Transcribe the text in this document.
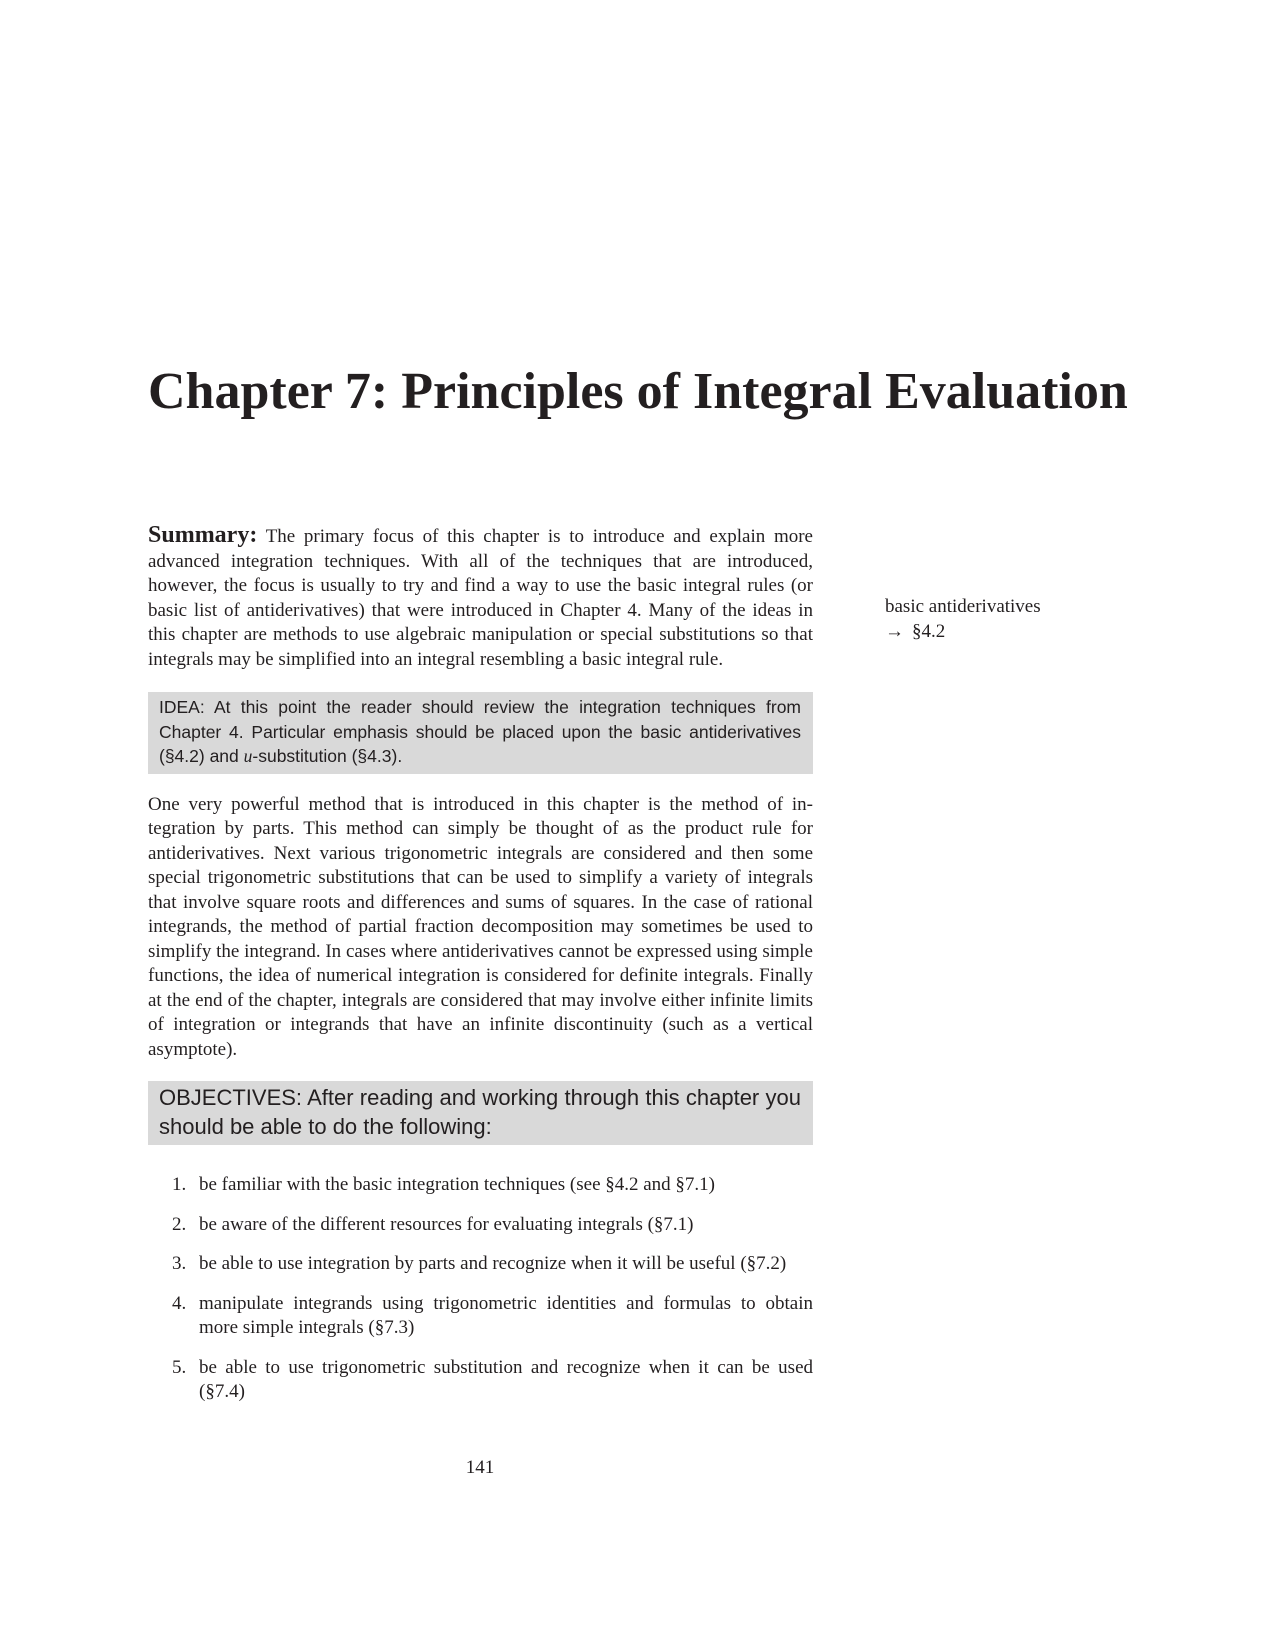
Chapter 7: Principles of Integral Evaluation

Summary: The primary focus of this chapter is to introduce and explain more advanced integration techniques. With all of the techniques that are introduced, however, the focus is usually to try and find a way to use the basic integral rules (or basic list of antiderivatives) that were introduced in Chapter 4. Many of the ideas in this chapter are methods to use algebraic manipulation or special substitutions so that integrals may be simplified into an integral resembling a basic integral rule.

IDEA: At this point the reader should review the integration techniques from Chapter 4. Particular emphasis should be placed upon the basic antiderivatives (§4.2) and u-substitution (§4.3).

One very powerful method that is introduced in this chapter is the method of integration by parts. This method can simply be thought of as the product rule for antiderivatives. Next various trigonometric integrals are considered and then some special trigonometric substitutions that can be used to simplify a variety of integrals that involve square roots and differences and sums of squares. In the case of rational integrands, the method of partial fraction decomposition may sometimes be used to simplify the integrand. In cases where antiderivatives cannot be expressed using simple functions, the idea of numerical integration is considered for definite integrals. Finally at the end of the chapter, integrals are considered that may involve either infinite limits of integration or integrands that have an infinite discontinuity (such as a vertical asymptote).

OBJECTIVES: After reading and working through this chapter you should be able to do the following:
1. be familiar with the basic integration techniques (see §4.2 and §7.1)
2. be aware of the different resources for evaluating integrals (§7.1)
3. be able to use integration by parts and recognize when it will be useful (§7.2)
4. manipulate integrands using trigonometric identities and formulas to obtain more simple integrals (§7.3)
5. be able to use trigonometric substitution and recognize when it can be used (§7.4)
basic antiderivatives
→ §4.2
141
